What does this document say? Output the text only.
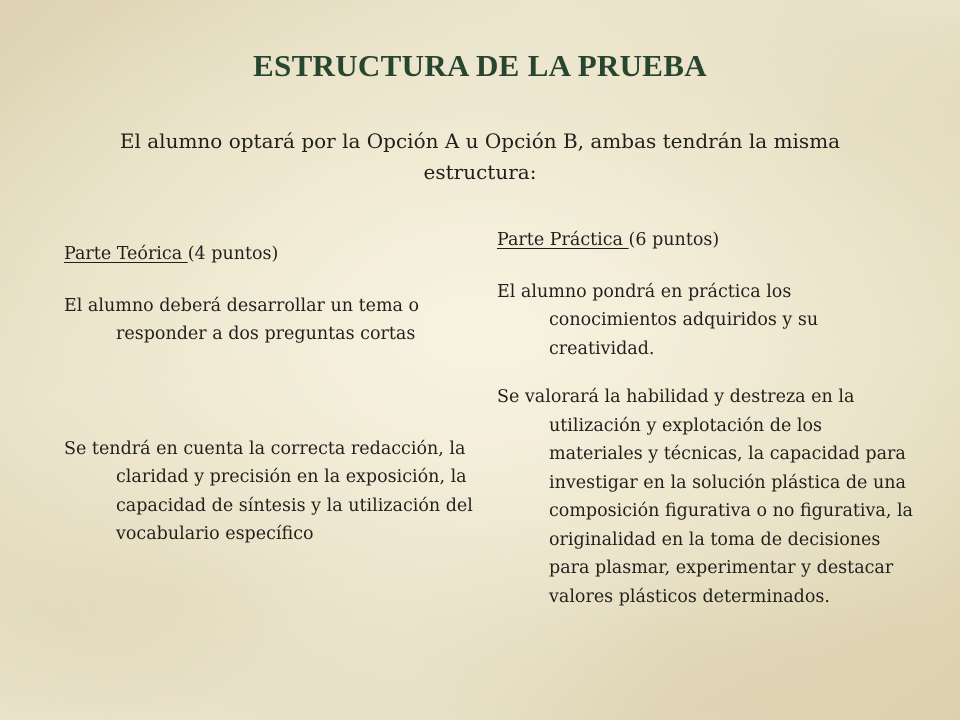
ESTRUCTURA DE LA PRUEBA
El alumno optará por la Opción A u Opción B, ambas tendrán la misma estructura:
Parte Teórica (4 puntos)

El alumno deberá desarrollar un tema o responder a dos preguntas cortas

Se tendrá en cuenta la correcta redacción, la claridad y precisión en la exposición, la capacidad de síntesis y la utilización del vocabulario específico

Parte Práctica (6 puntos)

El alumno pondrá en práctica los conocimientos adquiridos y su creatividad.

Se valorará la habilidad y destreza en la utilización y explotación de los materiales y técnicas, la capacidad para investigar en la solución plástica de una composición figurativa o no figurativa, la originalidad en la toma de decisiones para plasmar, experimentar y destacar valores plásticos determinados.
